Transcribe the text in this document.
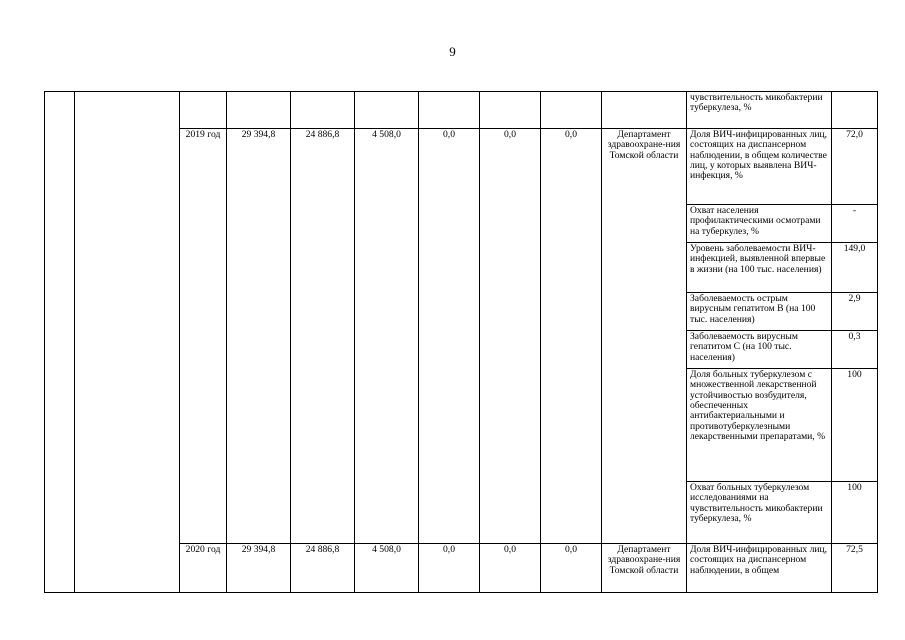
9
										чувствительность микобактерии туберкулеза, %	
		2019 год	29 394,8	24 886,8	4 508,0	0,0	0,0	0,0	Департамент здравоохране-ния Томской области	Доля ВИЧ-инфицированных лиц, состоящих на диспансерном наблюдении, в общем количестве лиц, у которых выявлена ВИЧ-инфекция, %	72,0
										Охват населения профилактическими осмотрами на туберкулез, %	-
										Уровень заболеваемости ВИЧ-инфекцией, выявленной впервые в жизни (на 100 тыс. населения)	149,0
										Заболеваемость острым вирусным гепатитом В (на 100 тыс. населения)	2,9
										Заболеваемость вирусным гепатитом С (на 100 тыс. населения)	0,3
										Доля больных туберкулезом с множественной лекарственной устойчивостью возбудителя, обеспеченных антибактериальными и противотуберкулезными лекарственными препаратами, %	100
										Охват больных туберкулезом исследованиями на чувствительность микобактерии туберкулеза, %	100
		2020 год	29 394,8	24 886,8	4 508,0	0,0	0,0	0,0	Департамент здравоохране-ния Томской области	Доля ВИЧ-инфицированных лиц, состоящих на диспансерном наблюдении, в общем	72,5
